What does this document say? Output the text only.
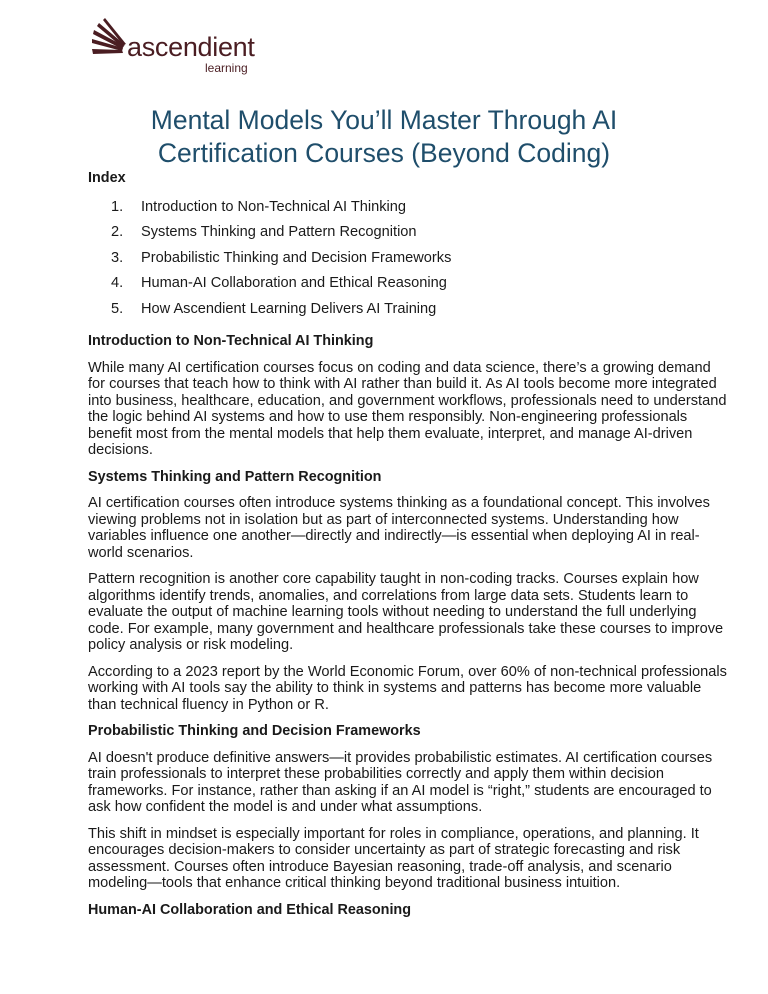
ascendient
learning
Mental Models You’ll Master Through AI
Certification Courses (Beyond Coding)
Index
1.	Introduction to Non-Technical AI Thinking
2.	Systems Thinking and Pattern Recognition
3.	Probabilistic Thinking and Decision Frameworks
4.	Human-AI Collaboration and Ethical Reasoning
5.	How Ascendient Learning Delivers AI Training
Introduction to Non-Technical AI Thinking

While many AI certification courses focus on coding and data science, there’s a growing demand for courses that teach how to think with AI rather than build it. As AI tools become more integrated into business, healthcare, education, and government workflows, professionals need to understand the logic behind AI systems and how to use them responsibly. Non-engineering professionals benefit most from the mental models that help them evaluate, interpret, and manage AI-driven decisions.

Systems Thinking and Pattern Recognition

AI certification courses often introduce systems thinking as a foundational concept. This involves viewing problems not in isolation but as part of interconnected systems. Understanding how variables influence one another—directly and indirectly—is essential when deploying AI in real-world scenarios.

Pattern recognition is another core capability taught in non-coding tracks. Courses explain how algorithms identify trends, anomalies, and correlations from large data sets. Students learn to evaluate the output of machine learning tools without needing to understand the full underlying code. For example, many government and healthcare professionals take these courses to improve policy analysis or risk modeling.

According to a 2023 report by the World Economic Forum, over 60% of non-technical professionals working with AI tools say the ability to think in systems and patterns has become more valuable than technical fluency in Python or R.

Probabilistic Thinking and Decision Frameworks

AI doesn't produce definitive answers—it provides probabilistic estimates. AI certification courses train professionals to interpret these probabilities correctly and apply them within decision frameworks. For instance, rather than asking if an AI model is “right,” students are encouraged to ask how confident the model is and under what assumptions.

This shift in mindset is especially important for roles in compliance, operations, and planning. It encourages decision-makers to consider uncertainty as part of strategic forecasting and risk assessment. Courses often introduce Bayesian reasoning, trade-off analysis, and scenario modeling—tools that enhance critical thinking beyond traditional business intuition.

Human-AI Collaboration and Ethical Reasoning
